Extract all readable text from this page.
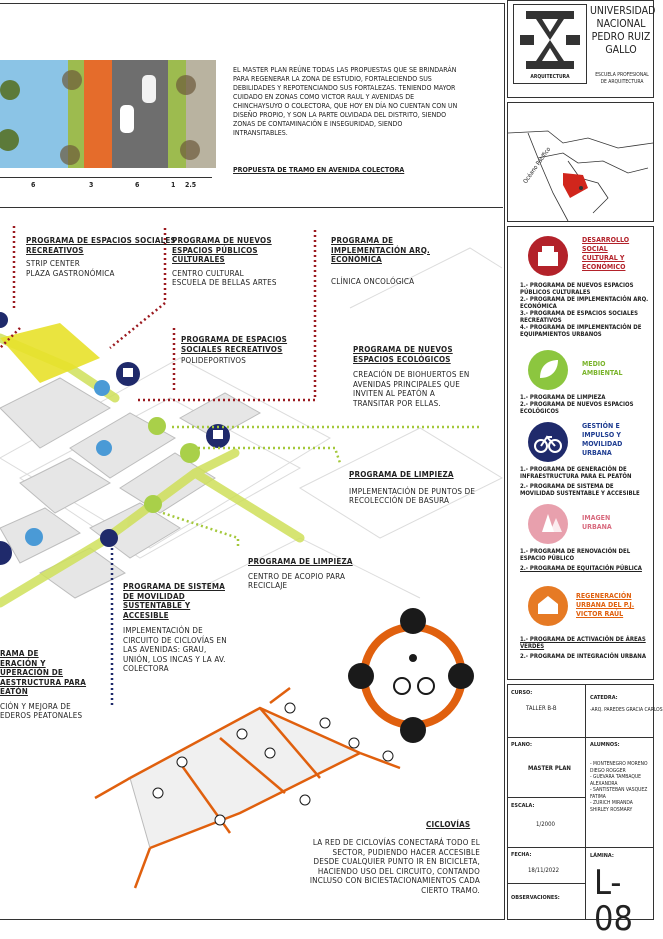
6	3	6	1 2.5
EL MASTER PLAN REÚNE TODAS LAS PROPUESTAS QUE SE BRINDARÁN PARA REGENERAR LA ZONA DE ESTUDIO, FORTALECIENDO SUS DEBILIDADES Y REPOTENCIANDO SUS FORTALEZAS. TENIENDO MAYOR CUIDADO EN ZONAS COMO VICTOR RAUL Y AVENIDAS DE CHINCHAYSUYO O COLECTORA, QUE HOY EN DÍA NO CUENTAN CON UN DISEÑO PROPIO, Y SON LA PARTE OLVIDADA DEL DISTRITO, SIENDO ZONAS DE CONTAMINACIÓN E INSEGURIDAD, SIENDO INTRANSITABLES.
PROPUESTA DE TRAMO EN AVENIDA COLECTORA
PROGRAMA DE ESPACIOS SOCIALES RECREATIVOS
STRIP CENTER
PLAZA GASTRONÓMICA
PROGRAMA DE NUEVOS ESPACIOS PÚBLICOS CULTURALES
CENTRO CULTURAL
ESCUELA DE BELLAS ARTES
PROGRAMA DE IMPLEMENTACIÓN ARQ. ECONÓMICA
CLÍNICA ONCOLÓGICA
PROGRAMA DE ESPACIOS SOCIALES RECREATIVOS
POLIDEPORTIVOS
PROGRAMA DE NUEVOS ESPACIOS ECOLÓGICOS
CREACIÓN DE BIOHUERTOS EN AVENIDAS PRINCIPALES QUE INVITEN AL PEATÓN A TRANSITAR POR ELLAS.
PROGRAMA DE LIMPIEZA
IMPLEMENTACIÓN DE PUNTOS DE RECOLECCIÓN DE BASURA
PROGRAMA DE LIMPIEZA
CENTRO DE ACOPIO PARA RECICLAJE
PROGRAMA DE SISTEMA DE MOVILIDAD SUSTENTABLE Y ACCESIBLE
IMPLEMENTACIÓN DE CIRCUITO DE CICLOVÍAS EN LAS AVENIDAS: GRAU, UNIÓN, LOS INCAS Y LA AV. COLECTORA
RAMA DE
ERACIÓN Y
UPERACIÓN DE
AESTRUCTURA PARA
EATÓN
CIÓN Y MEJORA DE
EDEROS PEATONALES
CICLOVÍAS
LA RED DE CICLOVÍAS CONECTARÁ TODO EL SECTOR, PUDIENDO HACER ACCESIBLE DESDE CUALQUIER PUNTO IR EN BICICLETA, HACIENDO USO DEL CIRCUITO, CONTANDO INCLUSO CON BICIESTACIONAMIENTOS CADA CIERTO TRAMO.
ARQUITECTURA
UNIVERSIDAD NACIONAL PEDRO RUIZ GALLO
ESCUELA PROFESIONAL DE ARQUITECTURA
Océano Pacífico
DESARROLLO SOCIAL CULTURAL Y ECONÓMICO
1.- PROGRAMA DE NUEVOS ESPACIOS PÚBLICOS CULTURALES
2.- PROGRAMA DE IMPLEMENTACIÓN ARQ. ECONÓMICA
3.- PROGRAMA DE ESPACIOS SOCIALES RECREATIVOS
4.- PROGRAMA DE IMPLEMENTACIÓN DE EQUIPAMIENTOS URBANOS
MEDIO AMBIENTAL
1.- PROGRAMA DE LIMPIEZA
2.- PROGRAMA DE NUEVOS ESPACIOS ECOLÓGICOS
GESTIÓN E IMPULSO Y MOVILIDAD URBANA
1.- PROGRAMA DE GENERACIÓN DE INFRAESTRUCTURA PARA EL PEATÓN
2.- PROGRAMA DE SISTEMA DE MOVILIDAD SUSTENTABLE Y ACCESIBLE
IMAGEN URBANA
1.- PROGRAMA DE RENOVACIÓN DEL ESPACIO PÚBLICO
2.- PROGRAMA DE EQUITACIÓN PÚBLICA
REGENERACIÓN URBANA DEL P.J. VICTOR RAÚL
1.- PROGRAMA DE ACTIVACIÓN DE ÁREAS VERDES
2.- PROGRAMA DE INTEGRACIÓN URBANA
CURSO:
TALLER B-B
CATEDRA:
-ARQ. PAREDES GRACIA CARLOS
PLANO:
MASTER PLAN
ALUMNOS:
- MONTENEGRO MORENO DIEGO ROGGER
- GUEVARA TAMBAQUE ALEXANDRA
- SANTISTEBAN VASQUEZ FATIMA
- ZURICH MIRANDA SHIRLEY ROSMARY
ESCALA:
1/2000
FECHA:
18/11/2022
LÁMINA:
L-08
OBSERVACIONES:
